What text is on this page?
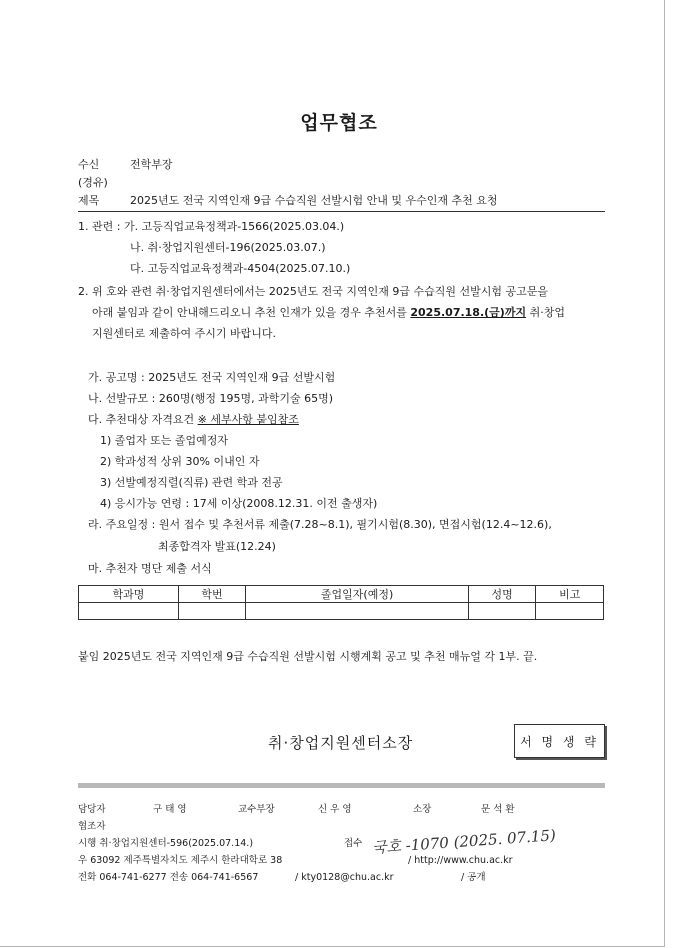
업무협조
수신	전학부장
(경유)
제목	2025년도 전국 지역인재 9급 수습직원 선발시험 안내 및 우수인재 추천 요청
1. 관련 : 가. 고등직업교육정책과-1566(2025.03.04.)
나. 취·창업지원센터-196(2025.03.07.)
다. 고등직업교육정책과-4504(2025.07.10.)
2. 위 호와 관련 취·창업지원센터에서는 2025년도 전국 지역인재 9급 수습직원 선발시험 공고문을
아래 붙임과 같이 안내해드리오니 추천 인재가 있을 경우 추천서를 2025.07.18.(금)까지 취·창업
지원센터로 제출하여 주시기 바랍니다.
가. 공고명 : 2025년도 전국 지역인재 9급 선발시험
나. 선발규모 : 260명(행정 195명, 과학기술 65명)
다. 추천대상 자격요건 ※ 세부사항 붙임참조
1) 졸업자 또는 졸업예정자
2) 학과성적 상위 30% 이내인 자
3) 선발예정직렬(직류) 관련 학과 전공
4) 응시가능 연령 : 17세 이상(2008.12.31. 이전 출생자)
라. 주요일정 : 원서 접수 및 추천서류 제출(7.28~8.1), 필기시험(8.30), 면접시험(12.4~12.6),
최종합격자 발표(12.24)
마. 추천자 명단 제출 서식
학과명	학번	졸업일자(예정)	성명	비고

붙임 2025년도 전국 지역인재 9급 수습직원 선발시험 시행계획 공고 및 추천 매뉴얼 각 1부. 끝.
취·창업지원센터소장	서 명 생 략
담당자	구 태 영	교수부장	신 우 영	소장	문 석 환
협조자
시행 취·창업지원센터-596(2025.07.14.)	접수 국호 -1070 (2025. 07.15)
우 63092 제주특별자치도 제주시 한라대학로 38	/ http://www.chu.ac.kr
전화 064-741-6277 전송 064-741-6567	/ kty0128@chu.ac.kr	/ 공개
